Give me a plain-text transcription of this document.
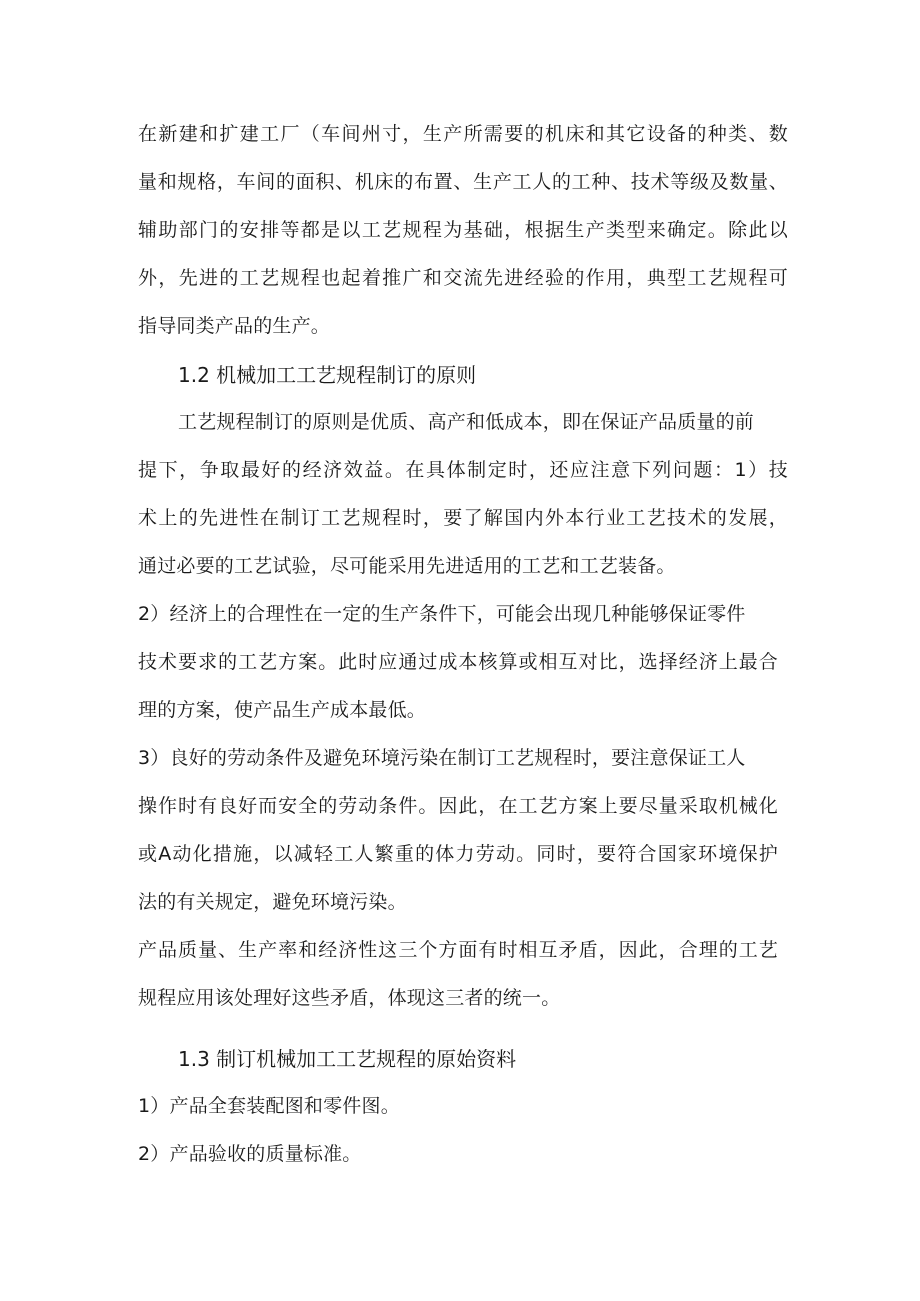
在新建和扩建工厂（车间州寸，生产所需要的机床和其它设备的种类、数
量和规格，车间的面积、机床的布置、生产工人的工种、技术等级及数量、
辅助部门的安排等都是以工艺规程为基础，根据生产类型来确定。除此以
外，先进的工艺规程也起着推广和交流先进经验的作用，典型工艺规程可
指导同类产品的生产。
1.2 机械加工工艺规程制订的原则
工艺规程制订的原则是优质、高产和低成本，即在保证产品质量的前
提下，争取最好的经济效益。在具体制定时，还应注意下列问题：1）技
术上的先进性在制订工艺规程时，要了解国内外本行业工艺技术的发展，
通过必要的工艺试验，尽可能采用先进适用的工艺和工艺装备。
2）经济上的合理性在一定的生产条件下，可能会出现几种能够保证零件
技术要求的工艺方案。此时应通过成本核算或相互对比，选择经济上最合
理的方案，使产品生产成本最低。
3）良好的劳动条件及避免环境污染在制订工艺规程时，要注意保证工人
操作时有良好而安全的劳动条件。因此，在工艺方案上要尽量采取机械化
或A动化措施，以减轻工人繁重的体力劳动。同时，要符合国家环境保护
法的有关规定，避免环境污染。
产品质量、生产率和经济性这三个方面有时相互矛盾，因此，合理的工艺
规程应用该处理好这些矛盾，体现这三者的统一。
1.3 制订机械加工工艺规程的原始资料
1）产品全套装配图和零件图。
2）产品验收的质量标准。
